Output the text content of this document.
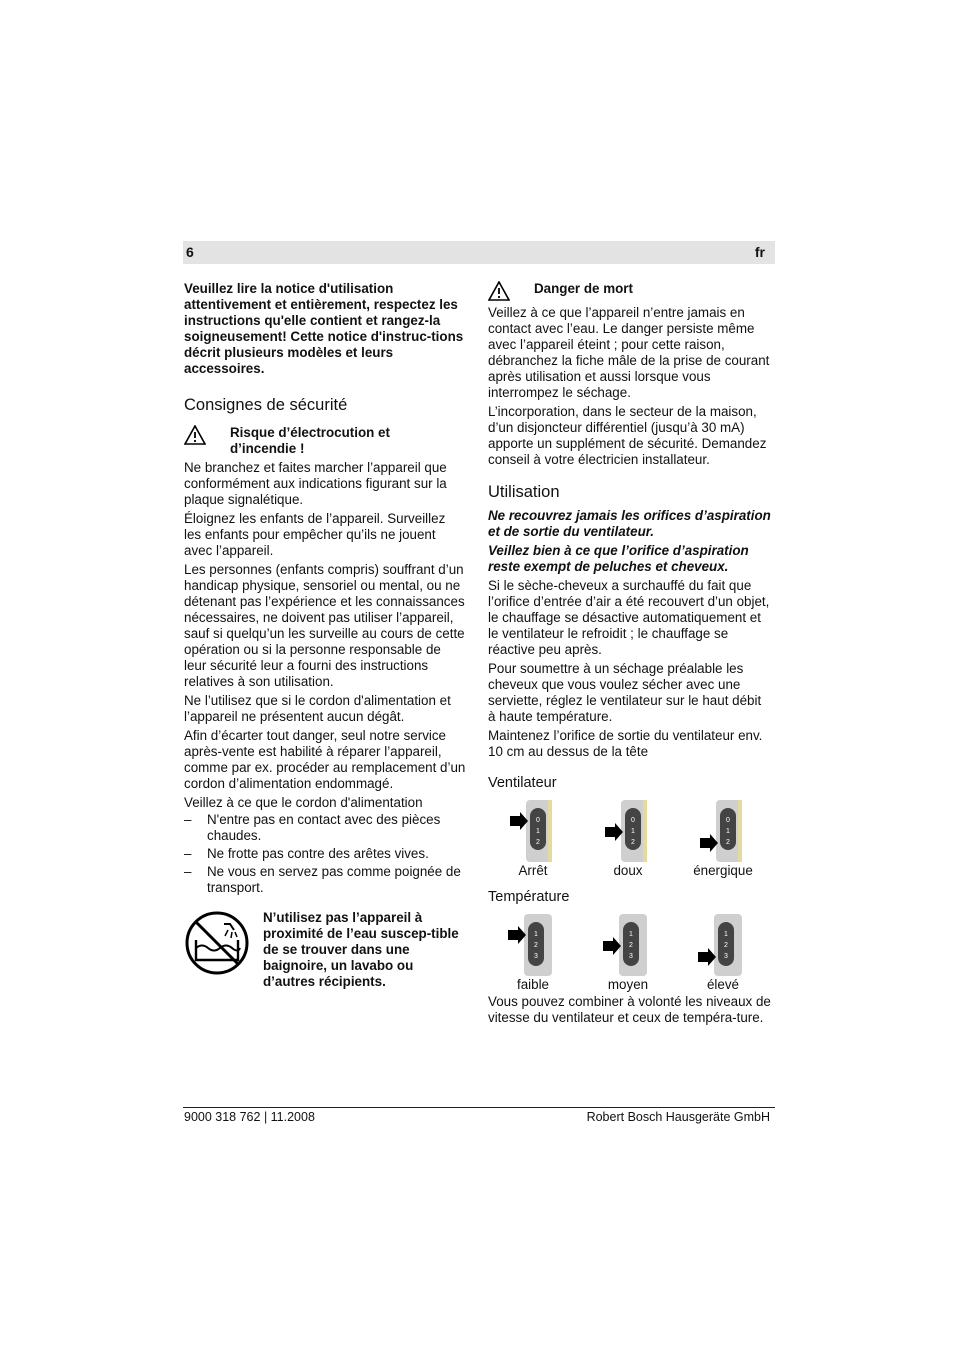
6	fr

Veuillez lire la notice d'utilisation attentivement et entièrement, respectez les instructions qu'elle contient et rangez-la soigneusement! Cette notice d'instruc-tions décrit plusieurs modèles et leurs accessoires.

Consignes de sécurité
Risque d’électrocution et d’incendie !

Ne branchez et faites marcher l’appareil que conformément aux indications figurant sur la plaque signalétique.

Éloignez les enfants de l’appareil. Surveillez les enfants pour empêcher qu’ils ne jouent avec l’appareil.

Les personnes (enfants compris) souffrant d’un handicap physique, sensoriel ou mental, ou ne détenant pas l’expérience et les connaissances nécessaires, ne doivent pas utiliser l’appareil, sauf si quelqu’un les surveille au cours de cette opération ou si la personne responsable de leur sécurité leur a fourni des instructions relatives à son utilisation.

Ne l’utilisez que si le cordon d'alimentation et l’appareil ne présentent aucun dégât.

Afin d’écarter tout danger, seul notre service après-vente est habilité à réparer l’appareil, comme par ex. procéder au remplacement d’un cordon d’alimentation endommagé.

Veillez à ce que le cordon d'alimentation

– N'entre pas en contact avec des pièces chaudes.
– Ne frotte pas contre des arêtes vives.
– Ne vous en servez pas comme poignée de transport.
N’utilisez pas l’appareil à proximité de l’eau suscep-tible de se trouver dans une baignoire, un lavabo ou d’autres récipients.
Danger de mort

Veillez à ce que l’appareil n’entre jamais en contact avec l’eau. Le danger persiste même avec l’appareil éteint ; pour cette raison, débranchez la fiche mâle de la prise de courant après utilisation et aussi lorsque vous interrompez le séchage.

L’incorporation, dans le secteur de la maison, d’un disjoncteur différentiel (jusqu’à 30 mA) apporte un supplément de sécurité. Demandez conseil à votre électricien installateur.

Utilisation

Ne recouvrez jamais les orifices d’aspiration et de sortie du ventilateur.

Veillez bien à ce que l’orifice d’aspiration reste exempt de peluches et cheveux.

Si le sèche-cheveux a surchauffé du fait que l’orifice d’entrée d’air a été recouvert d’un objet, le chauffage se désactive automatiquement et le ventilateur le refroidit ; le chauffage se réactive peu après.

Pour soumettre à un séchage préalable les cheveux que vous voulez sécher avec une serviette, réglez le ventilateur sur le haut débit à haute température.

Maintenez l’orifice de sortie du ventilateur env. 10 cm au dessus de la tête

Ventilateur
0
1
2
Arrêt
0
1
2
doux
0
1
2
énergique
Température
1
2
3
faible
1
2
3
moyen
1
2
3
élevé

Vous pouvez combiner à volonté les niveaux de vitesse du ventilateur et ceux de tempéra-ture.

9000 318 762 | 11.2008	Robert Bosch Hausgeräte GmbH
